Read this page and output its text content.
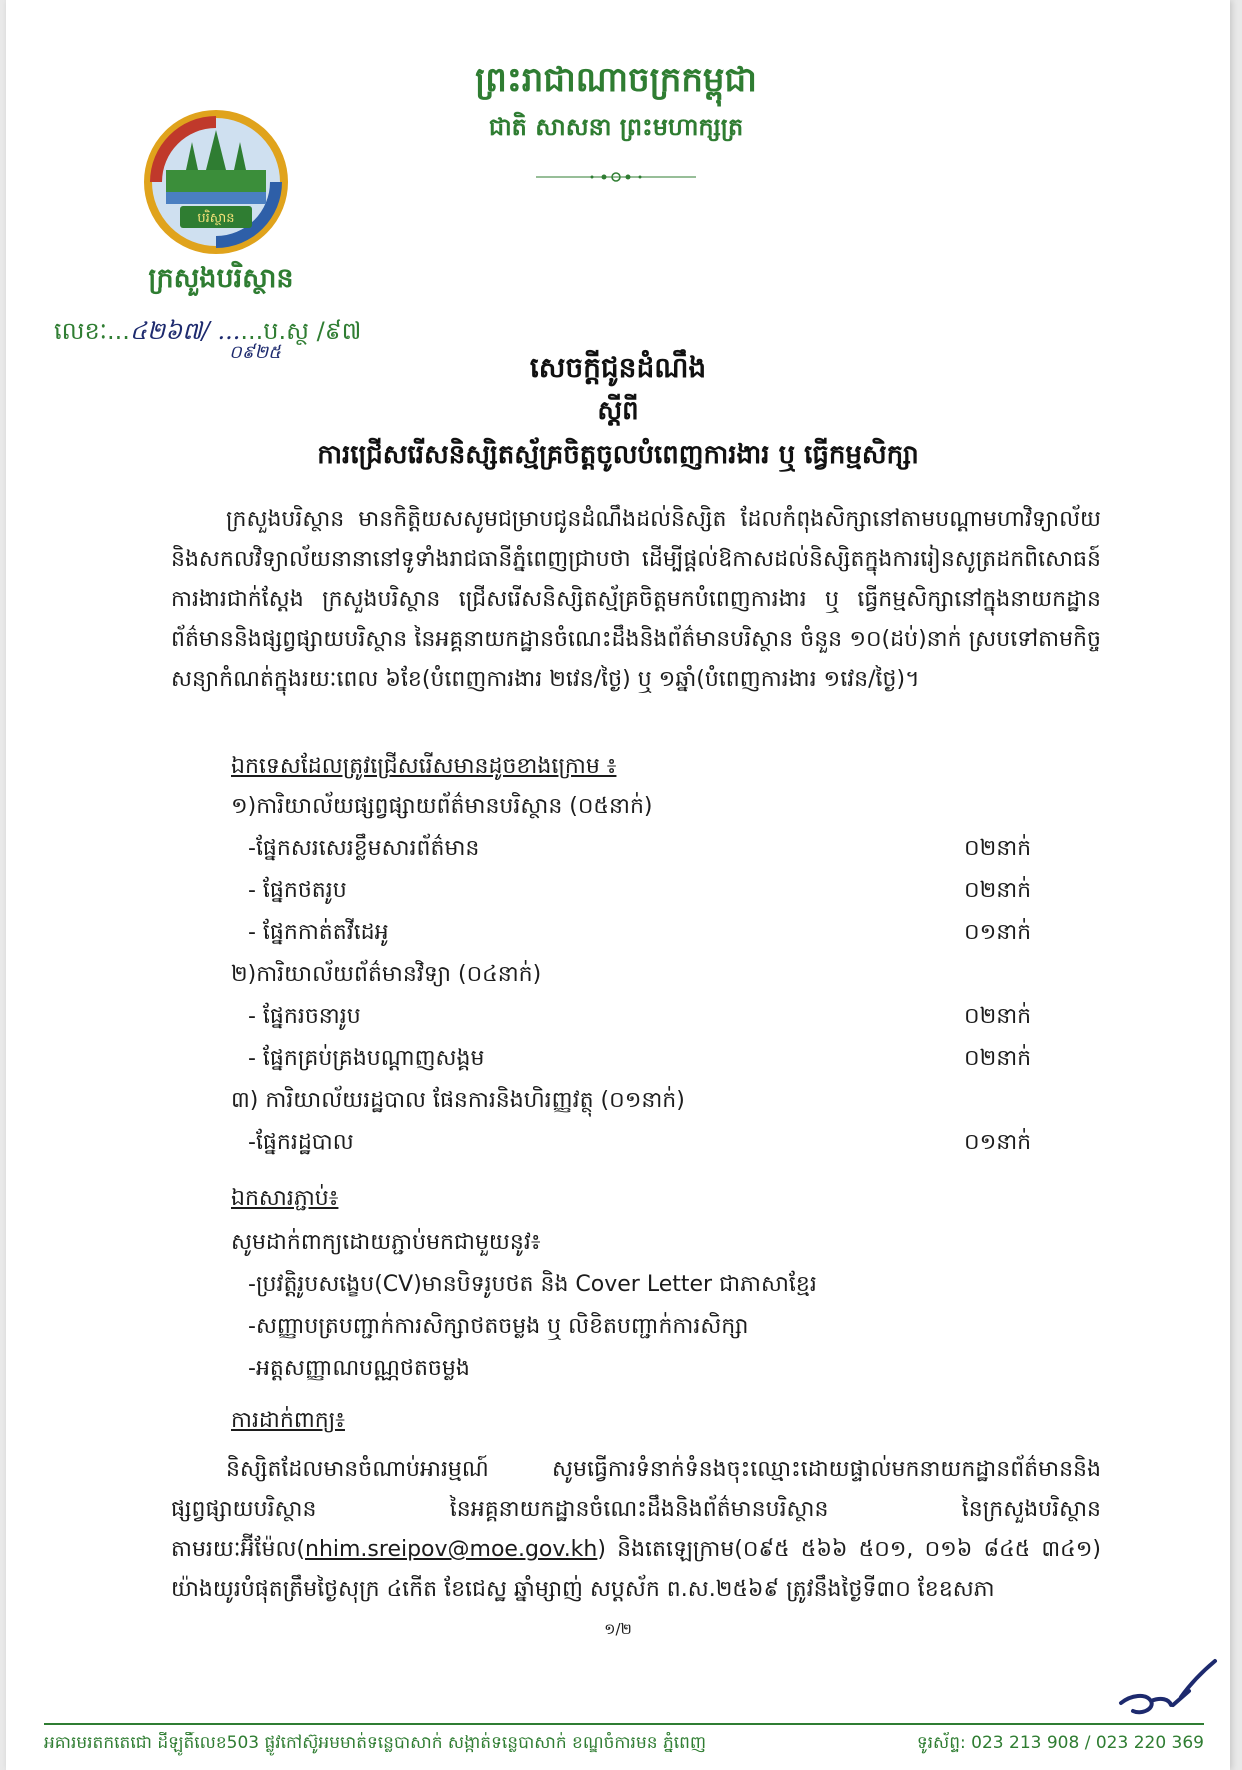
ព្រះរាជាណាចក្រកម្ពុជា
ជាតិ សាសនា ព្រះមហាក្សត្រ
បរិស្ថាន
ក្រសួងបរិស្ថាន
លេខៈ...៤២៦៧/ ......ប.ស្ថ /៩៧
០៩២៥	សេចក្តីជូនដំណឹង
ស្តីពី
ការជ្រើសរើសនិស្សិតស្ម័គ្រចិត្តចូលបំពេញការងារ ឬ ធ្វើកម្មសិក្សា
ក្រសួងបរិស្ថាន មានកិត្តិយសសូមជម្រាបជូនដំណឹងដល់និស្សិត ដែលកំពុងសិក្សានៅតាមបណ្តាមហាវិទ្យាល័យ និងសកលវិទ្យាល័យនានានៅទូទាំងរាជធានីភ្នំពេញជ្រាបថា ដើម្បីផ្តល់ឱកាសដល់និស្សិតក្នុងការរៀនសូត្រដកពិសោធន៍ការងារជាក់ស្តែង ក្រសួងបរិស្ថាន ជ្រើសរើសនិស្សិតស្ម័គ្រចិត្តមកបំពេញការងារ ឬ ធ្វើកម្មសិក្សានៅក្នុងនាយកដ្ឋានព័ត៌មាននិងផ្សព្វផ្សាយបរិស្ថាន នៃអគ្គនាយកដ្ឋានចំណេះដឹងនិងព័ត៌មានបរិស្ថាន ចំនួន ១០(ដប់)នាក់ ស្របទៅតាមកិច្ចសន្យាកំណត់ក្នុងរយៈពេល ៦ខែ(បំពេញការងារ ២វេន/ថ្ងៃ) ឬ ១ឆ្នាំ(បំពេញការងារ ១វេន/ថ្ងៃ)។
ឯកទេសដែលត្រូវជ្រើសរើសមានដូចខាងក្រោម ៖
១)ការិយាល័យផ្សព្វផ្សាយព័ត៌មានបរិស្ថាន (០៥នាក់)
-ផ្នែកសរសេរខ្លឹមសារព័ត៌មាន	០២នាក់
- ផ្នែកថតរូប	០២នាក់
- ផ្នែកកាត់តវីដេអូ	០១នាក់
២)ការិយាល័យព័ត៌មានវិទ្យា (០៤នាក់)
- ផ្នែករចនារូប	០២នាក់
- ផ្នែកគ្រប់គ្រងបណ្តាញសង្គម	០២នាក់
៣) ការិយាល័យរដ្ឋបាល ផែនការនិងហិរញ្ញវត្ថុ (០១នាក់)
-ផ្នែករដ្ឋបាល	០១នាក់
ឯកសារភ្ជាប់៖
សូមដាក់ពាក្យដោយភ្ជាប់មកជាមួយនូវ៖
-ប្រវត្តិរូបសង្ខេប(CV)មានបិទរូបថត និង Cover Letter ជាភាសាខ្មែរ
-សញ្ញាបត្របញ្ជាក់ការសិក្សាថតចម្លង ឬ លិខិតបញ្ជាក់ការសិក្សា
-អត្តសញ្ញាណបណ្ណថតចម្លង
ការដាក់ពាក្យ៖
និស្សិតដែលមានចំណាប់អារម្មណ៍ សូមធ្វើការទំនាក់ទំនងចុះឈ្មោះដោយផ្ទាល់មកនាយកដ្ឋានព័ត៌មាននិងផ្សព្វផ្សាយបរិស្ថាន នៃអគ្គនាយកដ្ឋានចំណេះដឹងនិងព័ត៌មានបរិស្ថាន នៃក្រសួងបរិស្ថាន តាមរយៈអ៊ីម៉ែល(nhim.sreipov@moe.gov.kh) និងតេឡេក្រាម(០៩៥ ៥៦៦ ៥០១, ០១៦ ៨៤៥ ៣៤១) យ៉ាងយូរបំផុតត្រឹមថ្ងៃសុក្រ ៤កើត ខែជេស្ឋ ឆ្នាំម្សាញ់ សប្តស័ក ព.ស.២៥៦៩ ត្រូវនឹងថ្ងៃទី៣០ ខែឧសភា
១/២
អគារមរតកតេជោ ដីឡូតិ៍លេខ503 ផ្លូវកៅស៊ូអមមាត់ទន្លេបាសាក់ សង្កាត់ទន្លេបាសាក់ ខណ្ឌចំការមន ភ្នំពេញ	ទូរស័ព្ទ: 023 213 908 / 023 220 369
